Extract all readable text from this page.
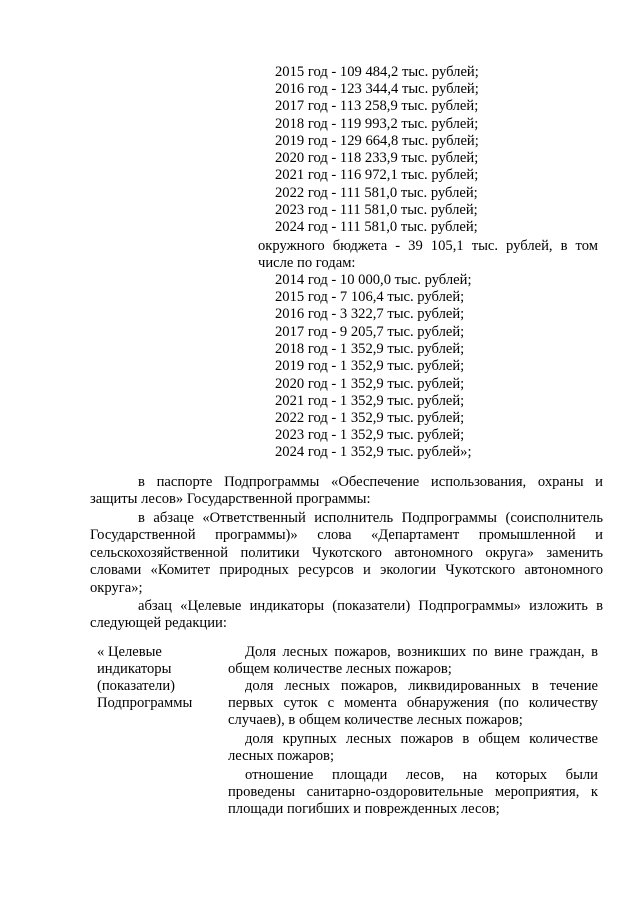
2015 год - 109 484,2 тыс. рублей;
2016 год - 123 344,4 тыс. рублей;
2017 год - 113 258,9 тыс. рублей;
2018 год - 119 993,2 тыс. рублей;
2019 год - 129 664,8 тыс. рублей;
2020 год - 118 233,9 тыс. рублей;
2021 год - 116 972,1 тыс. рублей;
2022 год - 111 581,0 тыс. рублей;
2023 год - 111 581,0 тыс. рублей;
2024 год - 111 581,0 тыс. рублей;
окружного бюджета - 39 105,1 тыс. рублей, в том
числе по годам:
2014 год - 10 000,0 тыс. рублей;
2015 год - 7 106,4 тыс. рублей;
2016 год - 3 322,7 тыс. рублей;
2017 год - 9 205,7 тыс. рублей;
2018 год - 1 352,9 тыс. рублей;
2019 год - 1 352,9 тыс. рублей;
2020 год - 1 352,9 тыс. рублей;
2021 год - 1 352,9 тыс. рублей;
2022 год - 1 352,9 тыс. рублей;
2023 год - 1 352,9 тыс. рублей;
2024 год - 1 352,9 тыс. рублей»;
в паспорте Подпрограммы «Обеспечение использования, охраны и
защиты лесов» Государственной программы:
в абзаце «Ответственный исполнитель Подпрограммы (соисполнитель
Государственной программы)» слова «Департамент промышленной и
сельскохозяйственной политики Чукотского автономного округа» заменить
словами «Комитет природных ресурсов и экологии Чукотского автономного
округа»;
абзац «Целевые индикаторы (показатели) Подпрограммы» изложить в
следующей редакции:
« Целевые
индикаторы
(показатели)
Подпрограммы
Доля лесных пожаров, возникших по вине граждан, в
общем количестве лесных пожаров;
доля лесных пожаров, ликвидированных в течение
первых суток с момента обнаружения (по количеству
случаев), в общем количестве лесных пожаров;
доля крупных лесных пожаров в общем количестве
лесных пожаров;
отношение площади лесов, на которых были
проведены санитарно-оздоровительные мероприятия, к
площади погибших и поврежденных лесов;
